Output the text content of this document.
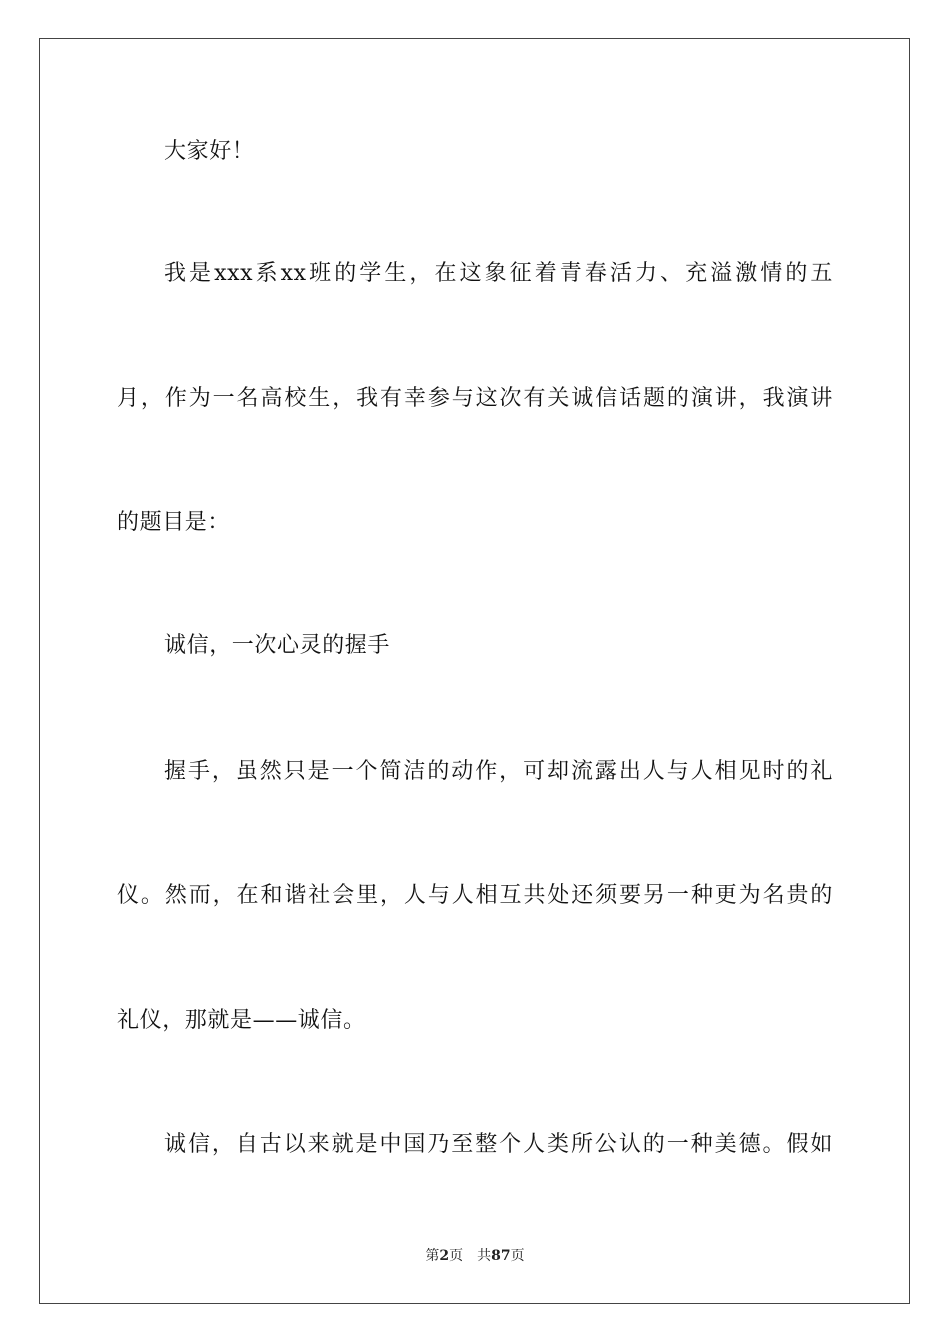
大家好！
我是xxx系xx班的学生，在这象征着青春活力、充溢激情的五
月，作为一名高校生，我有幸参与这次有关诚信话题的演讲，我演讲
的题目是：
诚信，一次心灵的握手
握手，虽然只是一个简洁的动作，可却流露出人与人相见时的礼
仪。然而，在和谐社会里，人与人相互共处还须要另一种更为名贵的
礼仪，那就是——诚信。
诚信，自古以来就是中国乃至整个人类所公认的一种美德。假如
第2页 共87页
